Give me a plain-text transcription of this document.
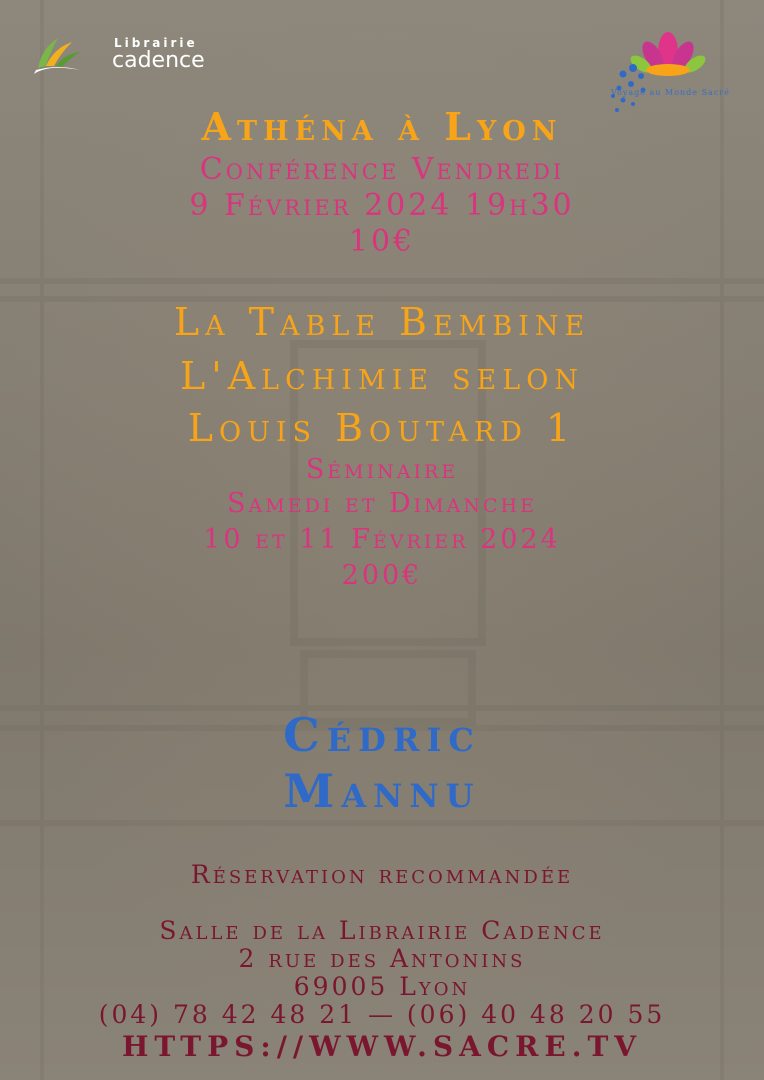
Librairie
cadence
Voyage au Monde Sacré
Athéna à Lyon

Conférence Vendredi

9 Février 2024 19h30

10€

La Table Bembine
L'Alchimie selon
Louis Boutard 1

Séminaire

Samedi et Dimanche

10 et 11 Février 2024

200€

Cédric
Mannu

Réservation recommandée

Salle de la Librairie Cadence

2 rue des Antonins

69005 Lyon

(04) 78 42 48 21 — (06) 40 48 20 55

HTTPS://WWW.SACRE.TV
